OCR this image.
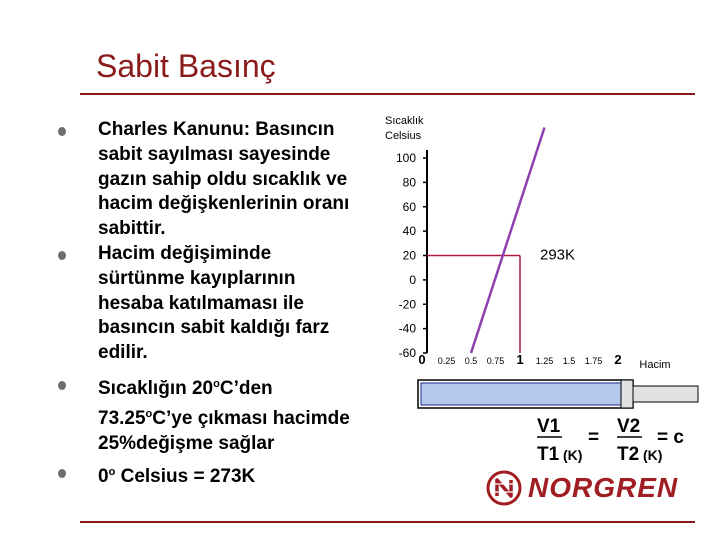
Sabit Basınç
Charles Kanunu: Basıncın sabit sayılması sayesinde gazın sahip oldu sıcaklık ve hacim değişkenlerinin oranı sabittir.
Hacim değişiminde sürtünme kayıplarının hesaba katılmaması ile basıncın sabit kaldığı farz edilir.
Sıcaklığın 20$^o$C’den 73.25$^o$C’ye çıkması hacimde 25%değişme sağlar
0$^o$ Celsius = 273K
Sıcaklık
Celsius
100
80
60
40
20
0
-20
-40
-60 0 0.25 0.5 0.75 1 1.25 1.5 1.75 2 Hacim
293K
V1
T1 (K)
=
V2
T2 (K)
= c
NORGREN
